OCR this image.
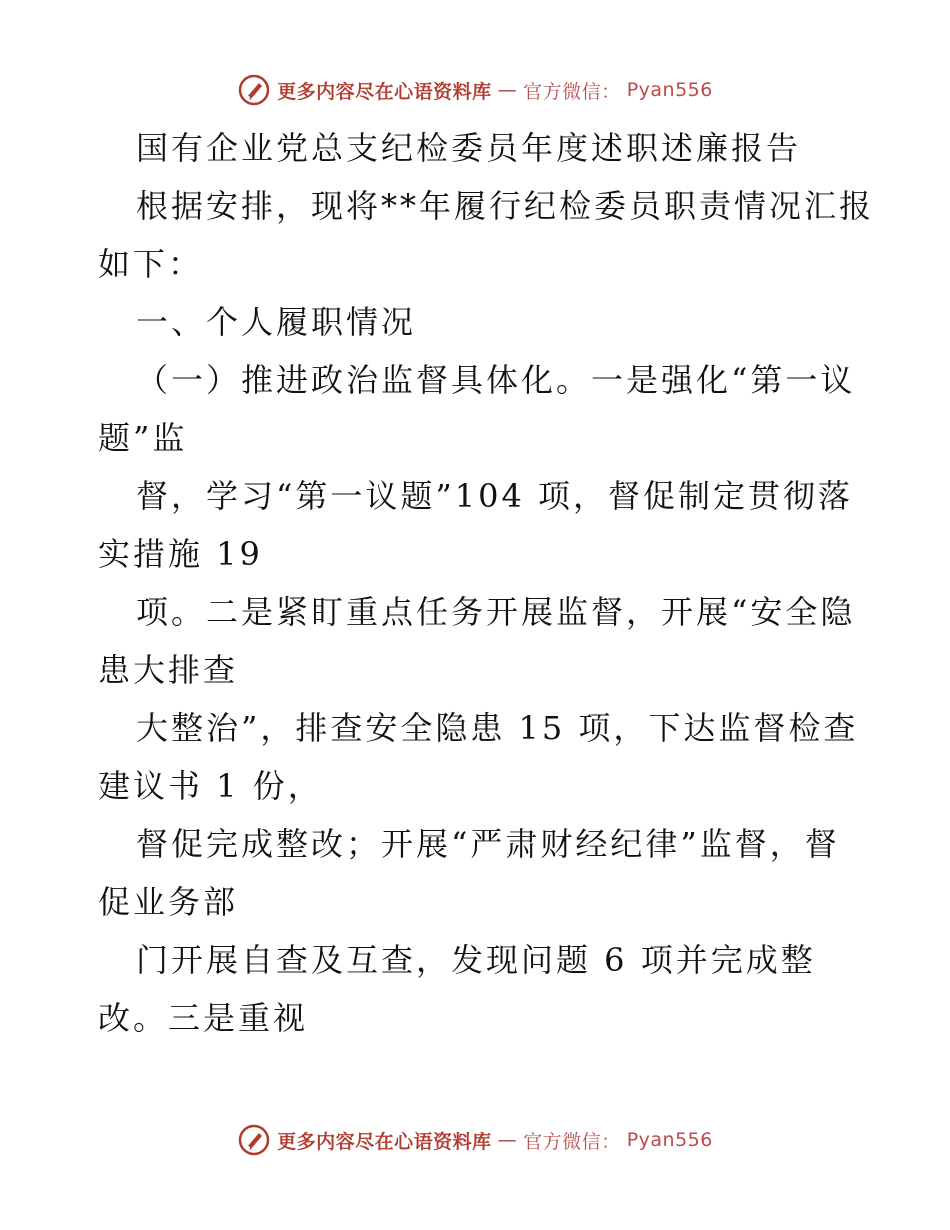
更多内容尽在心语资料库 — 官方微信： Pyan556
国有企业党总支纪检委员年度述职述廉报告
根据安排，现将**年履行纪检委员职责情况汇报
如下：
一、个人履职情况
（一）推进政治监督具体化。一是强化“第一议
题”监
督，学习“第一议题”104 项，督促制定贯彻落
实措施 19
项。二是紧盯重点任务开展监督，开展“安全隐
患大排查
大整治”，排查安全隐患 15 项，下达监督检查
建议书 1 份，
督促完成整改；开展“严肃财经纪律”监督，督
促业务部
门开展自查及互查，发现问题 6 项并完成整
改。三是重视
更多内容尽在心语资料库 — 官方微信： Pyan556
